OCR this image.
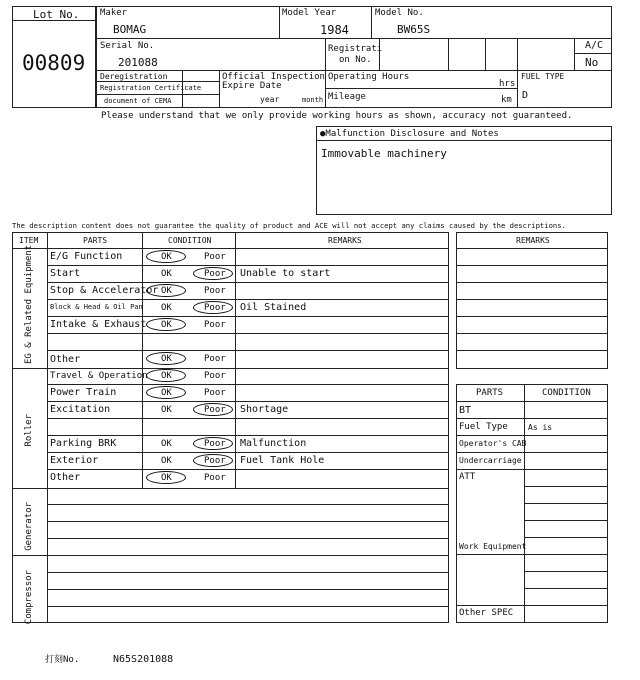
Lot No.
00809
Maker
BOMAG
Model Year
1984
Model No.
BW65S
Serial No.
201088
Registrati
on No.
A/C
No
Deregistration
Registration Certificate
document of CEMA
Official Inspection
Expire Date
year	month
Operating Hours
hrs
Mileage	km
FUEL TYPE
D
Please understand that we only provide working hours as shown, accuracy not guaranteed.
●Malfunction Disclosure and Notes
Immovable machinery
The description content does not guarantee the quality of product and ACE will not accept any claims caused by the descriptions.
ITEM	PARTS	CONDITION	REMARKS	REMARKS
EG & Related Equipment
Roller
Generator
Compressor
E/G Function	OK	Poor
Start	OK	Poor Unable to start
Stop & Accelerator OK	Poor
Block & Head & Oil Pan OK	Poor Oil Stained
Intake & Exhaust OK	Poor
Other	OK	Poor
Travel & Operation OK	Poor
Power Train	OK	Poor
Excitation	OK	Poor Shortage
Parking BRK	OK	Poor Malfunction
Exterior	OK	Poor Fuel Tank Hole
Other	OK	Poor
PARTS	CONDITION
BT
Fuel Type	As is
Operator's CAB
Undercarriage
ATT
Work Equipment
Other SPEC
打刻No.	N65S201088
